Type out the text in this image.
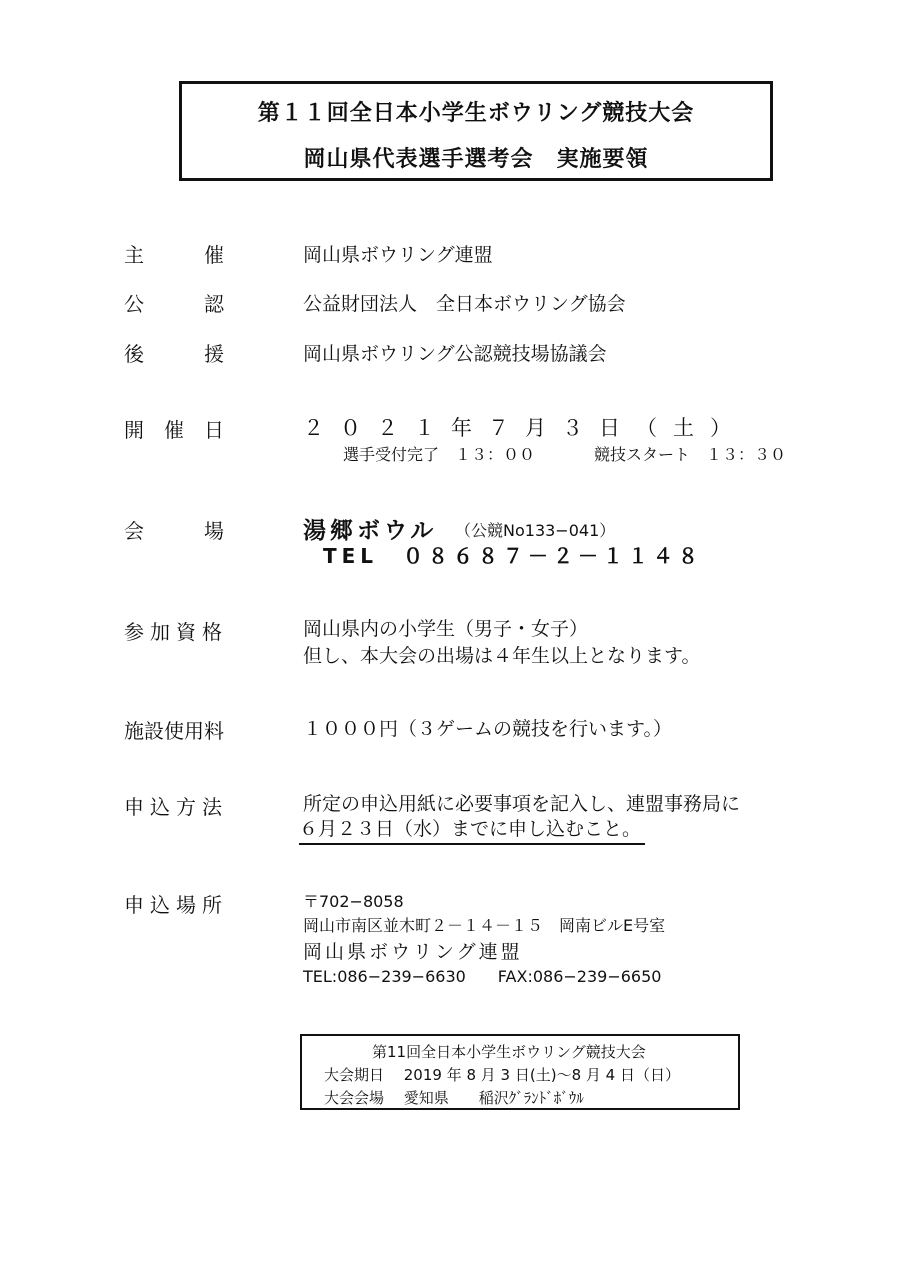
第１１回全日本小学生ボウリング競技大会
岡山県代表選手選考会　実施要領
主　　　催	岡山県ボウリング連盟
公　　　認	公益財団法人　全日本ボウリング協会
後　　　援	岡山県ボウリング公認競技場協議会
開　催　日	２０２１年７月３日（土）
選手受付完了　１３：００	競技スタート　１３：３０
会　　　場	湯郷ボウル （公競No133−041）
TEL　０８６８７－２－１１４８
参加資格	岡山県内の小学生（男子・女子）
但し、本大会の出場は４年生以上となります。
施設使用料	１０００円（３ゲームの競技を行います。）
申込方法	所定の申込用紙に必要事項を記入し、連盟事務局に
６月２３日（水）までに申し込むこと。
申込場所	〒702−8058
岡山市南区並木町２－１４－１５　岡南ビルE号室
岡山県ボウリング連盟
TEL:086−239−6630　　FAX:086−239−6650
第11回全日本小学生ボウリング競技大会
大会期日　 2019 年 8 月 3 日(土)～8 月 4 日（日）
大会会場　 愛知県　　稲沢ｸﾞﾗﾝﾄﾞﾎﾞｳﾙ
